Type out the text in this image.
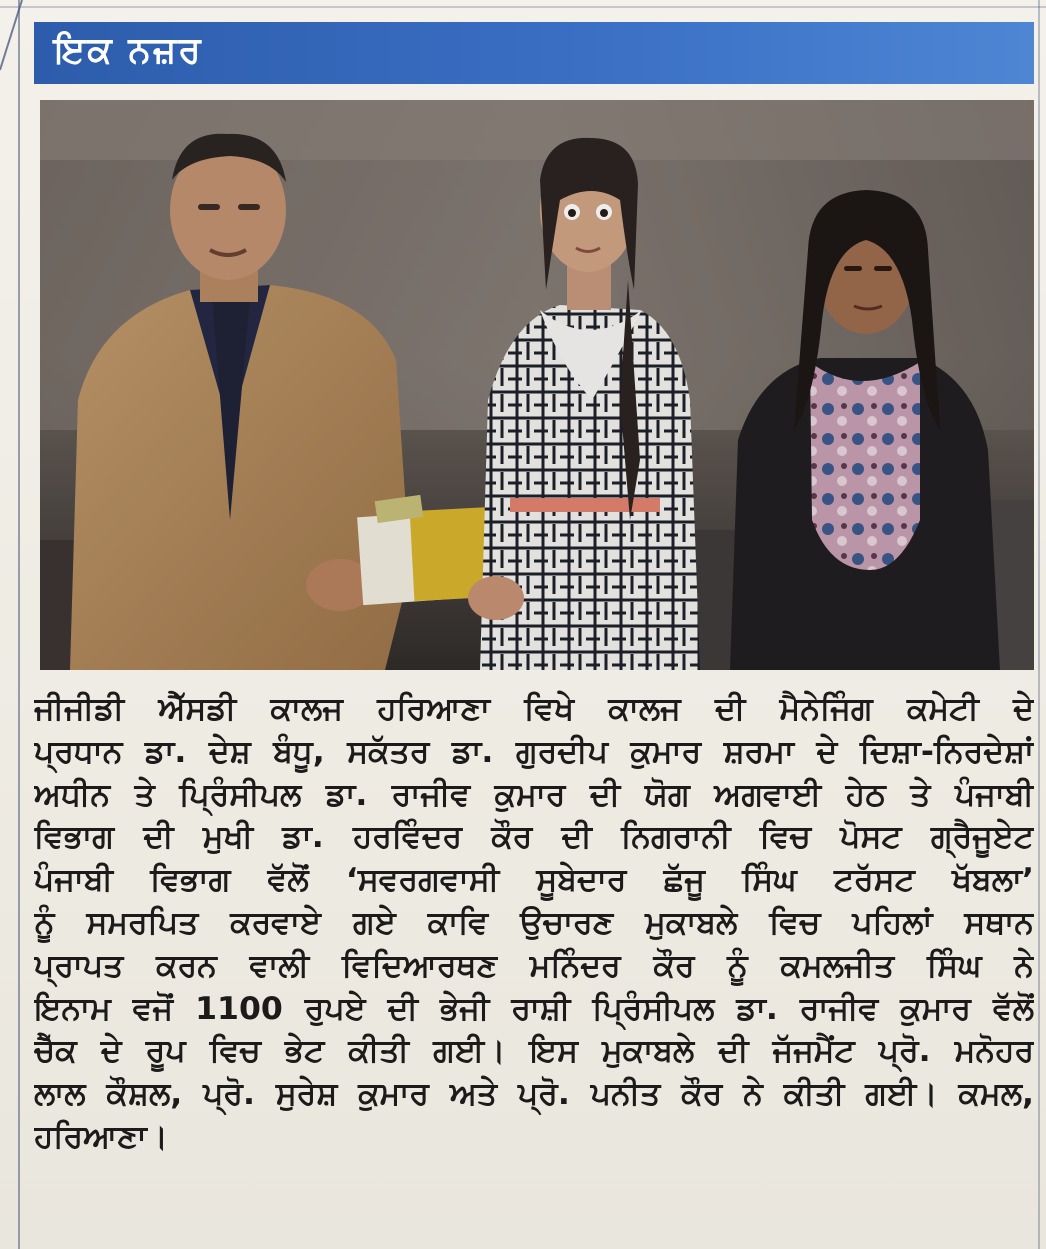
ਇਕ ਨਜ਼ਰ
ਜੀਜੀਡੀ ਐੱਸਡੀ ਕਾਲਜ ਹਰਿਆਣਾ ਵਿਖੇ ਕਾਲਜ ਦੀ ਮੈਨੇਜਿੰਗ ਕਮੇਟੀ ਦੇ
ਪ੍ਰਧਾਨ ਡਾ. ਦੇਸ਼ ਬੰਧੂ, ਸਕੱਤਰ ਡਾ. ਗੁਰਦੀਪ ਕੁਮਾਰ ਸ਼ਰਮਾ ਦੇ ਦਿਸ਼ਾ-ਨਿਰਦੇਸ਼ਾਂ
ਅਧੀਨ ਤੇ ਪ੍ਰਿੰਸੀਪਲ ਡਾ. ਰਾਜੀਵ ਕੁਮਾਰ ਦੀ ਯੋਗ ਅਗਵਾਈ ਹੇਠ ਤੇ ਪੰਜਾਬੀ
ਵਿਭਾਗ ਦੀ ਮੁਖੀ ਡਾ. ਹਰਵਿੰਦਰ ਕੌਰ ਦੀ ਨਿਗਰਾਨੀ ਵਿਚ ਪੋਸਟ ਗ੍ਰੈਜੂਏਟ
ਪੰਜਾਬੀ ਵਿਭਾਗ ਵੱਲੋਂ ‘ਸਵਰਗਵਾਸੀ ਸੂਬੇਦਾਰ ਛੱਜੂ ਸਿੰਘ ਟਰੱਸਟ ਖੱਬਲਾ’
ਨੂੰ ਸਮਰਪਿਤ ਕਰਵਾਏ ਗਏ ਕਾਵਿ ਉਚਾਰਣ ਮੁਕਾਬਲੇ ਵਿਚ ਪਹਿਲਾਂ ਸਥਾਨ
ਪ੍ਰਾਪਤ ਕਰਨ ਵਾਲੀ ਵਿਦਿਆਰਥਣ ਮਨਿੰਦਰ ਕੌਰ ਨੂੰ ਕਮਲਜੀਤ ਸਿੰਘ ਨੇ
ਇਨਾਮ ਵਜੋਂ 1100 ਰੁਪਏ ਦੀ ਭੇਜੀ ਰਾਸ਼ੀ ਪ੍ਰਿੰਸੀਪਲ ਡਾ. ਰਾਜੀਵ ਕੁਮਾਰ ਵੱਲੋਂ
ਚੈੱਕ ਦੇ ਰੂਪ ਵਿਚ ਭੇਟ ਕੀਤੀ ਗਈ। ਇਸ ਮੁਕਾਬਲੇ ਦੀ ਜੱਜਮੈਂਟ ਪ੍ਰੋ. ਮਨੋਹਰ
ਲਾਲ ਕੌਸ਼ਲ, ਪ੍ਰੋ. ਸੁਰੇਸ਼ ਕੁਮਾਰ ਅਤੇ ਪ੍ਰੋ. ਪਨੀਤ ਕੌਰ ਨੇ ਕੀਤੀ ਗਈ। ਕਮਲ,
ਹਰਿਆਣਾ।
